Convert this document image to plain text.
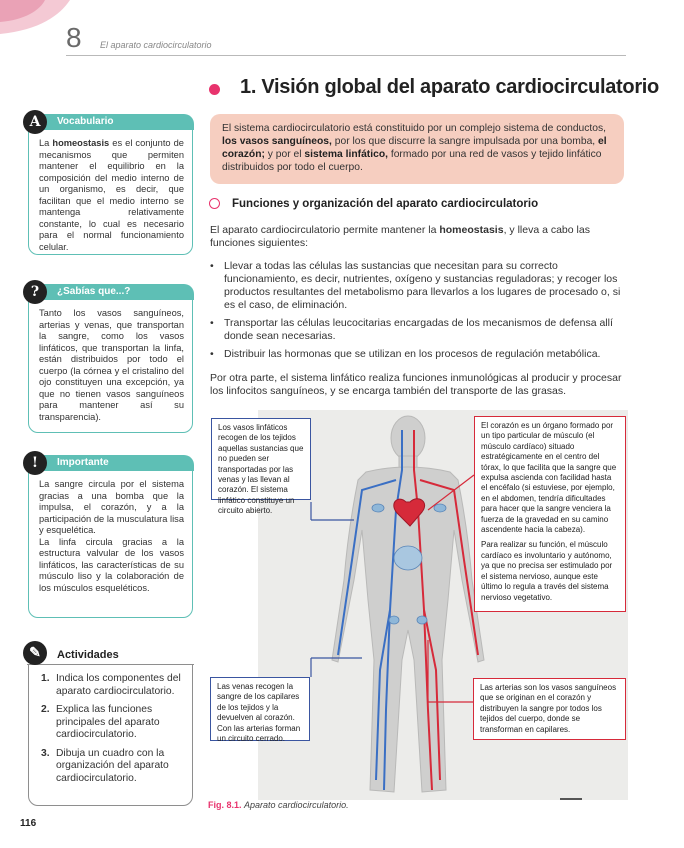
8 El aparato cardiocirculatorio
1. Visión global del aparato cardiocirculatorio
El sistema cardiocirculatorio está constituido por un complejo sistema de conductos, los vasos sanguíneos, por los que discurre la sangre impulsada por una bomba, el corazón; y por el sistema linfático, formado por una red de vasos y tejido linfático distribuidos por todo el cuerpo.
Funciones y organización del aparato cardiocirculatorio
El aparato cardiocirculatorio permite mantener la homeostasis, y lleva a cabo las funciones siguientes:
• Llevar a todas las células las sustancias que necesitan para su correcto funcionamiento, es decir, nutrientes, oxígeno y sustancias reguladoras; y recoger los productos resultantes del metabolismo para llevarlos a los lugares de procesado o, si es el caso, de eliminación.
• Transportar las células leucocitarias encargadas de los mecanismos de defensa allí donde sean necesarias.
• Distribuir las hormonas que se utilizan en los procesos de regulación metabólica.
Por otra parte, el sistema linfático realiza funciones inmunológicas al producir y procesar los linfocitos sanguíneos, y se encarga también del transporte de las grasas.
Vocabulario
A
La homeostasis es el conjunto de mecanismos que permiten mantener el equilibrio en la composición del medio interno de un organismo, es decir, que facilitan que el medio interno se mantenga relativamente constante, lo cual es necesario para el normal funcionamiento celular.
¿Sabías que...?
?
Tanto los vasos sanguíneos, arterias y venas, que transportan la sangre, como los vasos linfáticos, que transportan la linfa, están distribuidos por todo el cuerpo (la córnea y el cristalino del ojo constituyen una excepción, ya que no tienen vasos sanguíneos para mantener así su transparencia).
Importante
!
La sangre circula por el sistema gracias a una bomba que la impulsa, el corazón, y a la participación de la musculatura lisa y esquelética.
La linfa circula gracias a la estructura valvular de los vasos linfáticos, las características de su músculo liso y la colaboración de los músculos esqueléticos.
Actividades
✎
1. Indica los componentes del aparato cardiocirculatorio.
2. Explica las funciones principales del aparato cardiocirculatorio.
3. Dibuja un cuadro con la organización del aparato cardiocirculatorio.
Los vasos linfáticos recogen de los tejidos aquellas sustancias que no pueden ser transportadas por las venas y las llevan al corazón. El sistema linfático constituye un circuito abierto.
El corazón es un órgano formado por un tipo particular de músculo (el músculo cardíaco) situado estratégicamente en el centro del tórax, lo que facilita que la sangre que expulsa ascienda con facilidad hasta el encéfalo (si estuviese, por ejemplo, en el abdomen, tendría dificultades para hacer que la sangre venciera la fuerza de la gravedad en su camino ascendente hacia la cabeza).
Para realizar su función, el músculo cardíaco es involuntario y autónomo, ya que no precisa ser estimulado por el sistema nervioso, aunque este último lo regula a través del sistema nervioso vegetativo.
Las venas recogen la sangre de los capilares de los tejidos y la devuelven al corazón. Con las arterias forman un circuito cerrado.
Las arterias son los vasos sanguíneos que se originan en el corazón y distribuyen la sangre por todos los tejidos del cuerpo, donde se transforman en capilares.
Fig. 8.1. Aparato cardiocirculatorio.
116
